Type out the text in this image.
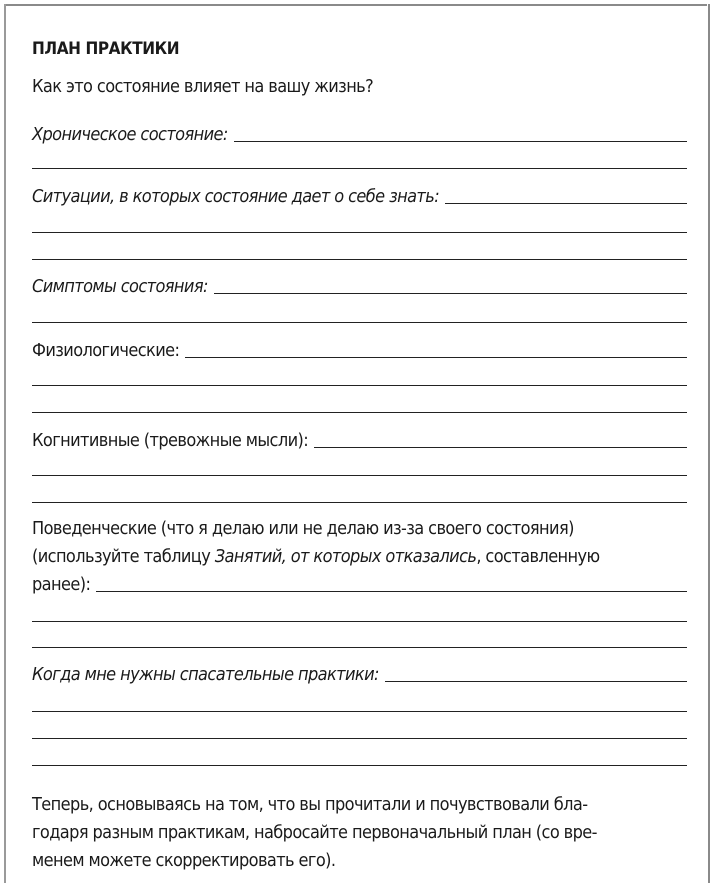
ПЛАН ПРАКТИКИ
Как это состояние влияет на вашу жизнь?
Хроническое состояние:
Ситуации, в которых состояние дает о себе знать:
Симптомы состояния:
Физиологические:
Когнитивные (тревожные мысли):
Поведенческие (что я делаю или не делаю из-за своего состояния)
(используйте таблицу Занятий, от которых отказались, составленную
ранее):
Когда мне нужны спасательные практики:
Теперь, основываясь на том, что вы прочитали и почувствовали бла-
годаря разным практикам, набросайте первоначальный план (со вре-
менем можете скорректировать его).
